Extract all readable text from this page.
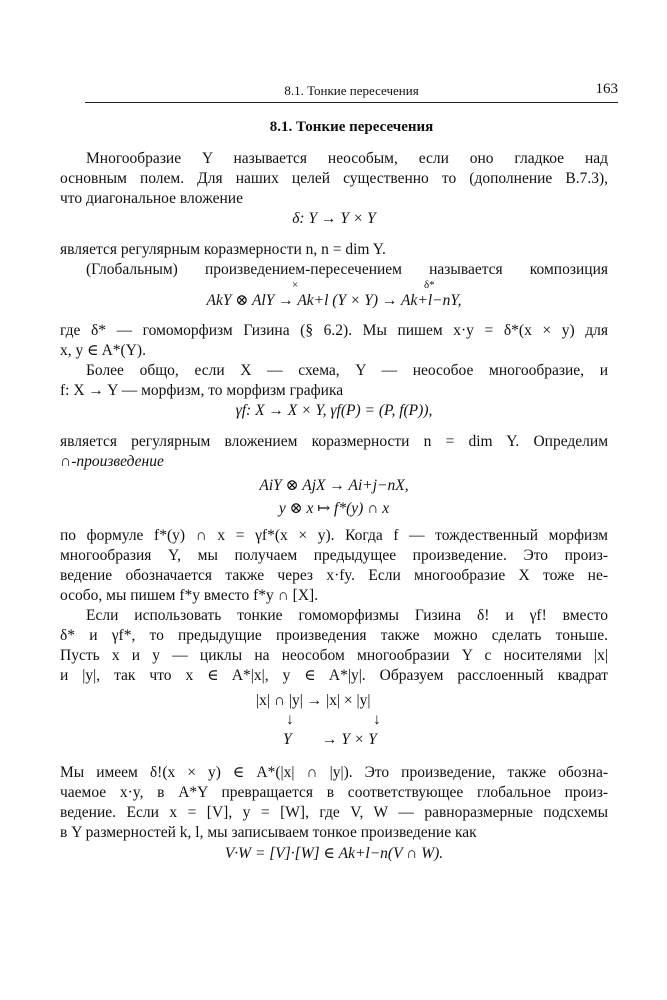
8.1. Тонкие пересечения	163
8.1. Тонкие пересечения
Многообразие Y называется неособым, если оно гладкое над
основным полем. Для наших целей существенно то (дополнение B.7.3),
что диагональное вложение
δ: Y → Y × Y
является регулярным коразмерности n, n = dim Y.
(Глобальным) произведением-пересечением называется композиция
×	δ*
AkY ⊗ AlY → Ak+l (Y × Y) → Ak+l−nY,
где δ* — гомоморфизм Гизина (§ 6.2). Мы пишем x·y = δ*(x × y) для
x, y ∈ A*(Y).
Более общо, если X — схема, Y — неособое многообразие, и
f: X → Y — морфизм, то морфизм графика
γf: X → X × Y, γf(P) = (P, f(P)),
является регулярным вложением коразмерности n = dim Y. Определим
∩-произведение
AiY ⊗ AjX → Ai+j−nX,
y ⊗ x ↦ f*(y) ∩ x
по формуле f*(y) ∩ x = γf*(x × y). Когда f — тождественный морфизм
многообразия Y, мы получаем предыдущее произведение. Это произ-
ведение обозначается также через x·fy. Если многообразие X тоже не-
особо, мы пишем f*y вместо f*y ∩ [X].
Если использовать тонкие гомоморфизмы Гизина δ! и γf! вместо
δ* и γf*, то предыдущие произведения также можно сделать тоньше.
Пусть x и y — циклы на неособом многообразии Y с носителями |x|
и |y|, так что x ∈ A*|x|, y ∈ A*|y|. Образуем расслоенный квадрат
|x| ∩ |y| → |x| × |y|
↓	↓
Y → Y × Y
Мы имеем δ!(x × y) ∈ A*(|x| ∩ |y|). Это произведение, также обозна-
чаемое x·y, в A*Y превращается в соответствующее глобальное произ-
ведение. Если x = [V], y = [W], где V, W — равноразмерные подсхемы
в Y размерностей k, l, мы записываем тонкое произведение как
V·W = [V]·[W] ∈ Ak+l−n(V ∩ W).
